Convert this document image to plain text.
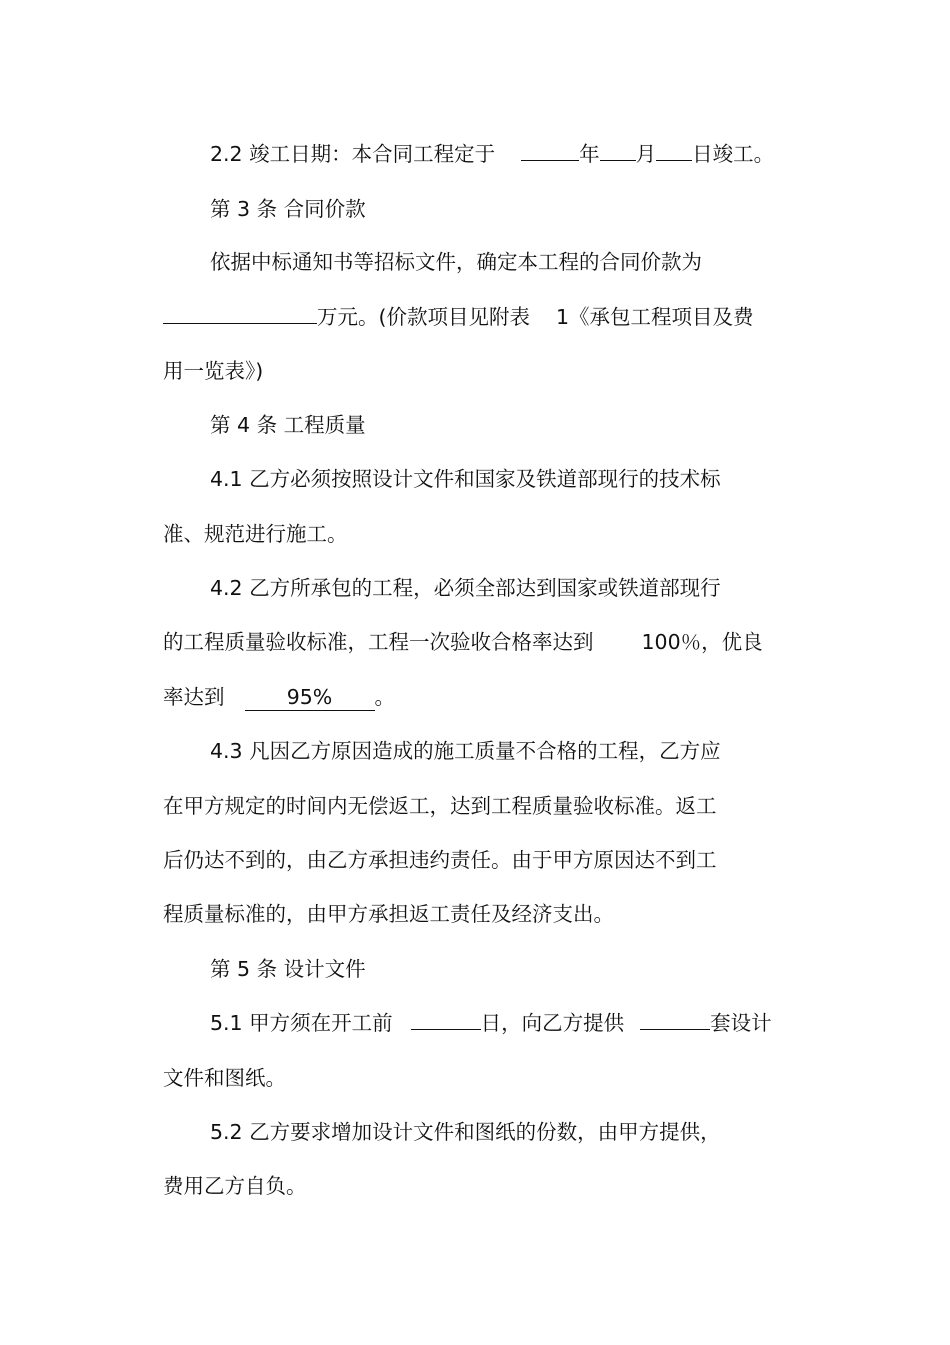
2.2 竣工日期：本合同工程定于	年 月 日竣工。
第 3 条 合同价款
依据中标通知书等招标文件，确定本工程的合同价款为
万元。(价款项目见附表 1《承包工程项目及费
用一览表》)
第 4 条 工程质量
4.1 乙方必须按照设计文件和国家及铁道部现行的技术标
准、规范进行施工。
4.2 乙方所承包的工程，必须全部达到国家或铁道部现行
的工程质量验收标准，工程一次验收合格率达到 100％，优良
率达到	95% 。
4.3 凡因乙方原因造成的施工质量不合格的工程，乙方应
在甲方规定的时间内无偿返工，达到工程质量验收标准。返工
后仍达不到的，由乙方承担违约责任。由于甲方原因达不到工
程质量标准的，由甲方承担返工责任及经济支出。
第 5 条 设计文件
5.1 甲方须在开工前	日，向乙方提供	套设计
文件和图纸。
5.2 乙方要求增加设计文件和图纸的份数，由甲方提供，
费用乙方自负。
